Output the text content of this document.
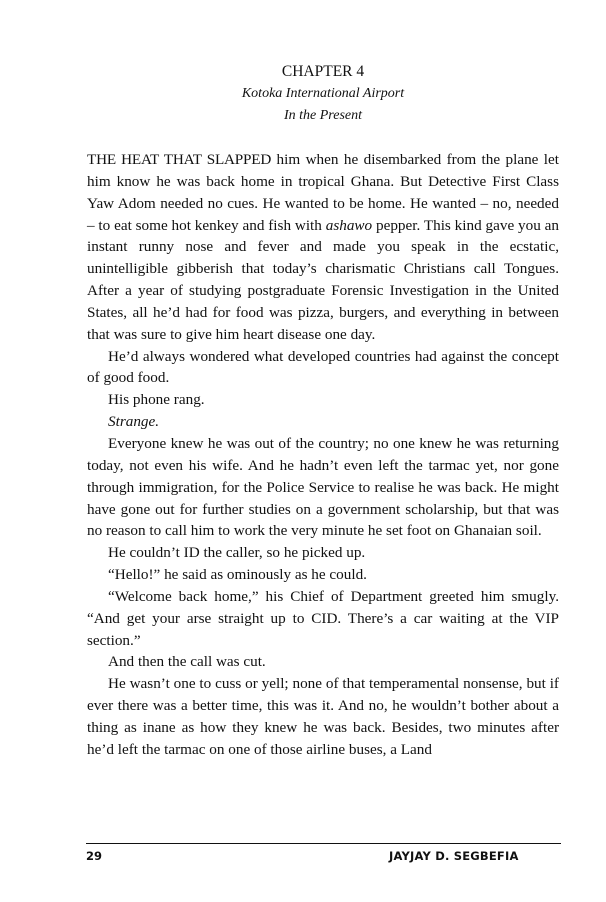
CHAPTER 4
Kotoka International Airport
In the Present

THE HEAT THAT SLAPPED him when he disembarked from the plane let him know he was back home in tropical Ghana. But Detective First Class Yaw Adom needed no cues. He wanted to be home. He wanted – no, needed – to eat some hot kenkey and fish with ashawo pepper. This kind gave you an instant runny nose and fever and made you speak in the ecstatic, unintelligible gibberish that today’s charismatic Christians call Tongues. After a year of studying postgraduate Forensic Investigation in the United States, all he’d had for food was pizza, burgers, and everything in between that was sure to give him heart disease one day.

He’d always wondered what developed countries had against the concept of good food.

His phone rang.

Strange.

Everyone knew he was out of the country; no one knew he was returning today, not even his wife. And he hadn’t even left the tarmac yet, nor gone through immigration, for the Police Service to realise he was back. He might have gone out for further studies on a government scholarship, but that was no reason to call him to work the very minute he set foot on Ghanaian soil.

He couldn’t ID the caller, so he picked up.

“Hello!” he said as ominously as he could.

“Welcome back home,” his Chief of Department greeted him smugly. “And get your arse straight up to CID. There’s a car waiting at the VIP section.”

And then the call was cut.

He wasn’t one to cuss or yell; none of that temperamental nonsense, but if ever there was a better time, this was it. And no, he wouldn’t bother about a thing as inane as how they knew he was back. Besides, two minutes after he’d left the tarmac on one of those airline buses, a Land

29	JAYJAY D. SEGBEFIA
